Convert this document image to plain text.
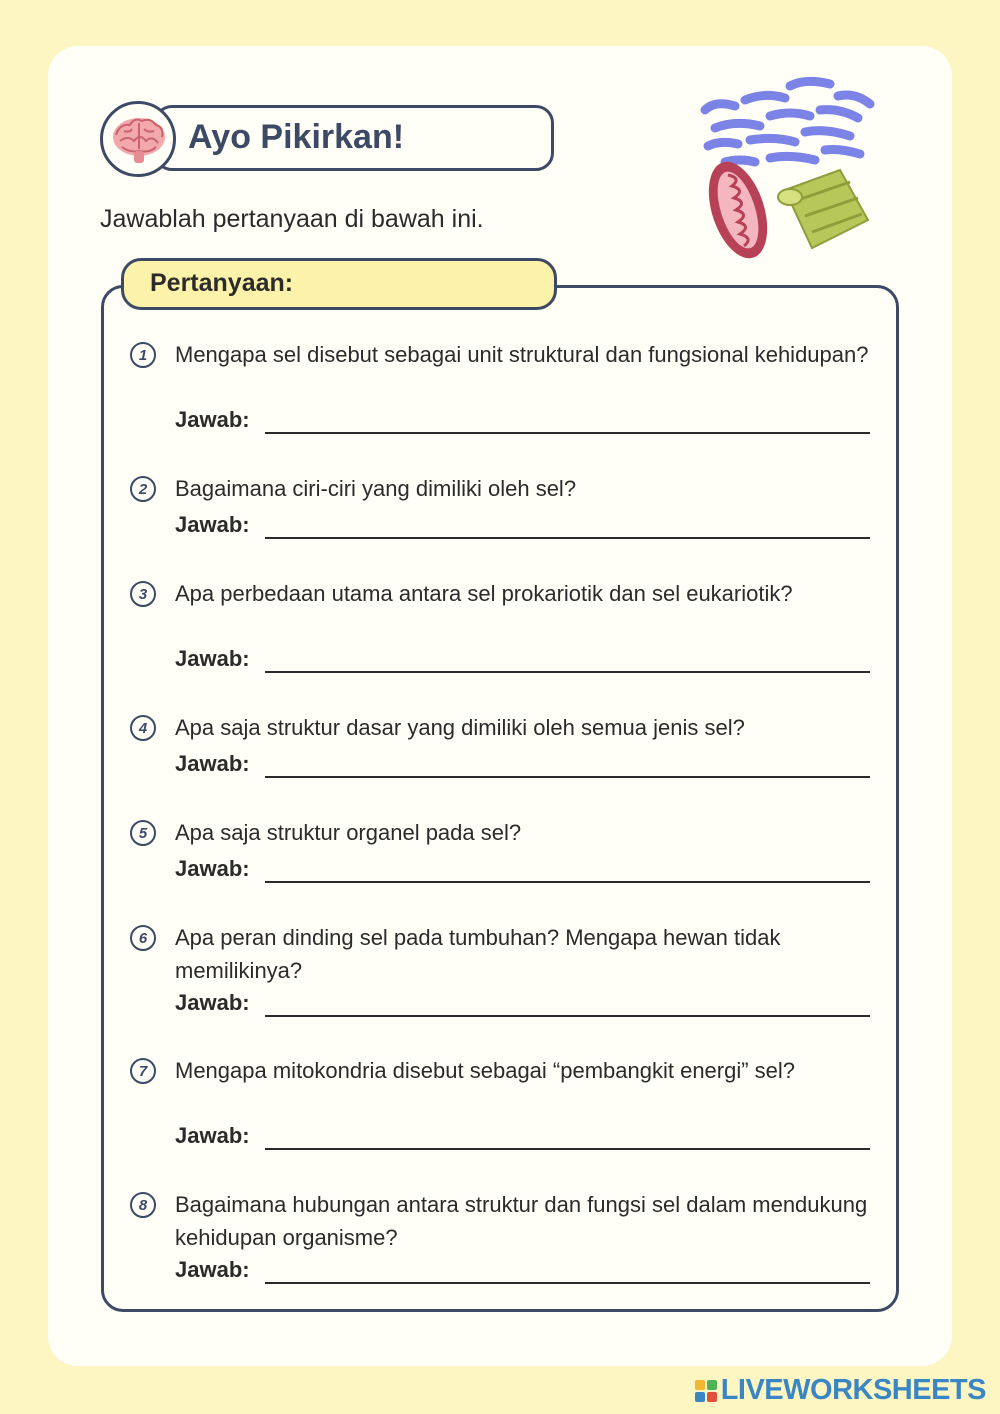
Ayo Pikirkan!
Jawablah pertanyaan di bawah ini.
Pertanyaan:
1	Mengapa sel disebut sebagai unit struktural dan fungsional kehidupan?
Jawab:
2	Bagaimana ciri-ciri yang dimiliki oleh sel?
Jawab:
3	Apa perbedaan utama antara sel prokariotik dan sel eukariotik?
Jawab:
4	Apa saja struktur dasar yang dimiliki oleh semua jenis sel?
Jawab:
5	Apa saja struktur organel pada sel?
Jawab:
6	Apa peran dinding sel pada tumbuhan? Mengapa hewan tidak memilikinya?
Jawab:
7	Mengapa mitokondria disebut sebagai “pembangkit energi” sel?
Jawab:
8	Bagaimana hubungan antara struktur dan fungsi sel dalam mendukung kehidupan organisme?
Jawab:
LIVEWORKSHEETS
